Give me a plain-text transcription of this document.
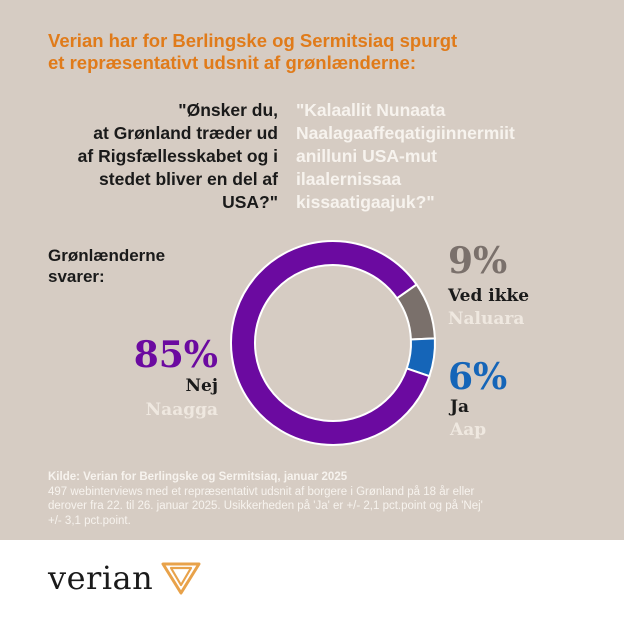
Verian har for Berlingske og Sermitsiaq spurgt
et repræsentativt udsnit af grønlænderne:
"Ønsker du,
at Grønland træder ud
af Rigsfællesskabet og i
stedet bliver en del af
USA?"
"Kalaallit Nunaata
Naalagaaffeqatigiinnermiit
anilluni USA-mut
ilaalernissaa
kissaatigaajuk?"
Grønlænderne
svarer:
85%
Nej
Naagga
9%
Ved ikke
Naluara
6%
Ja
Aap
Kilde: Verian for Berlingske og Sermitsiaq, januar 2025
497 webinterviews med et repræsentativt udsnit af borgere i Grønland på 18 år eller
derover fra 22. til 26. januar 2025. Usikkerheden på 'Ja' er +/- 2,1 pct.point og på 'Nej'
+/- 3,1 pct.point.
verian
